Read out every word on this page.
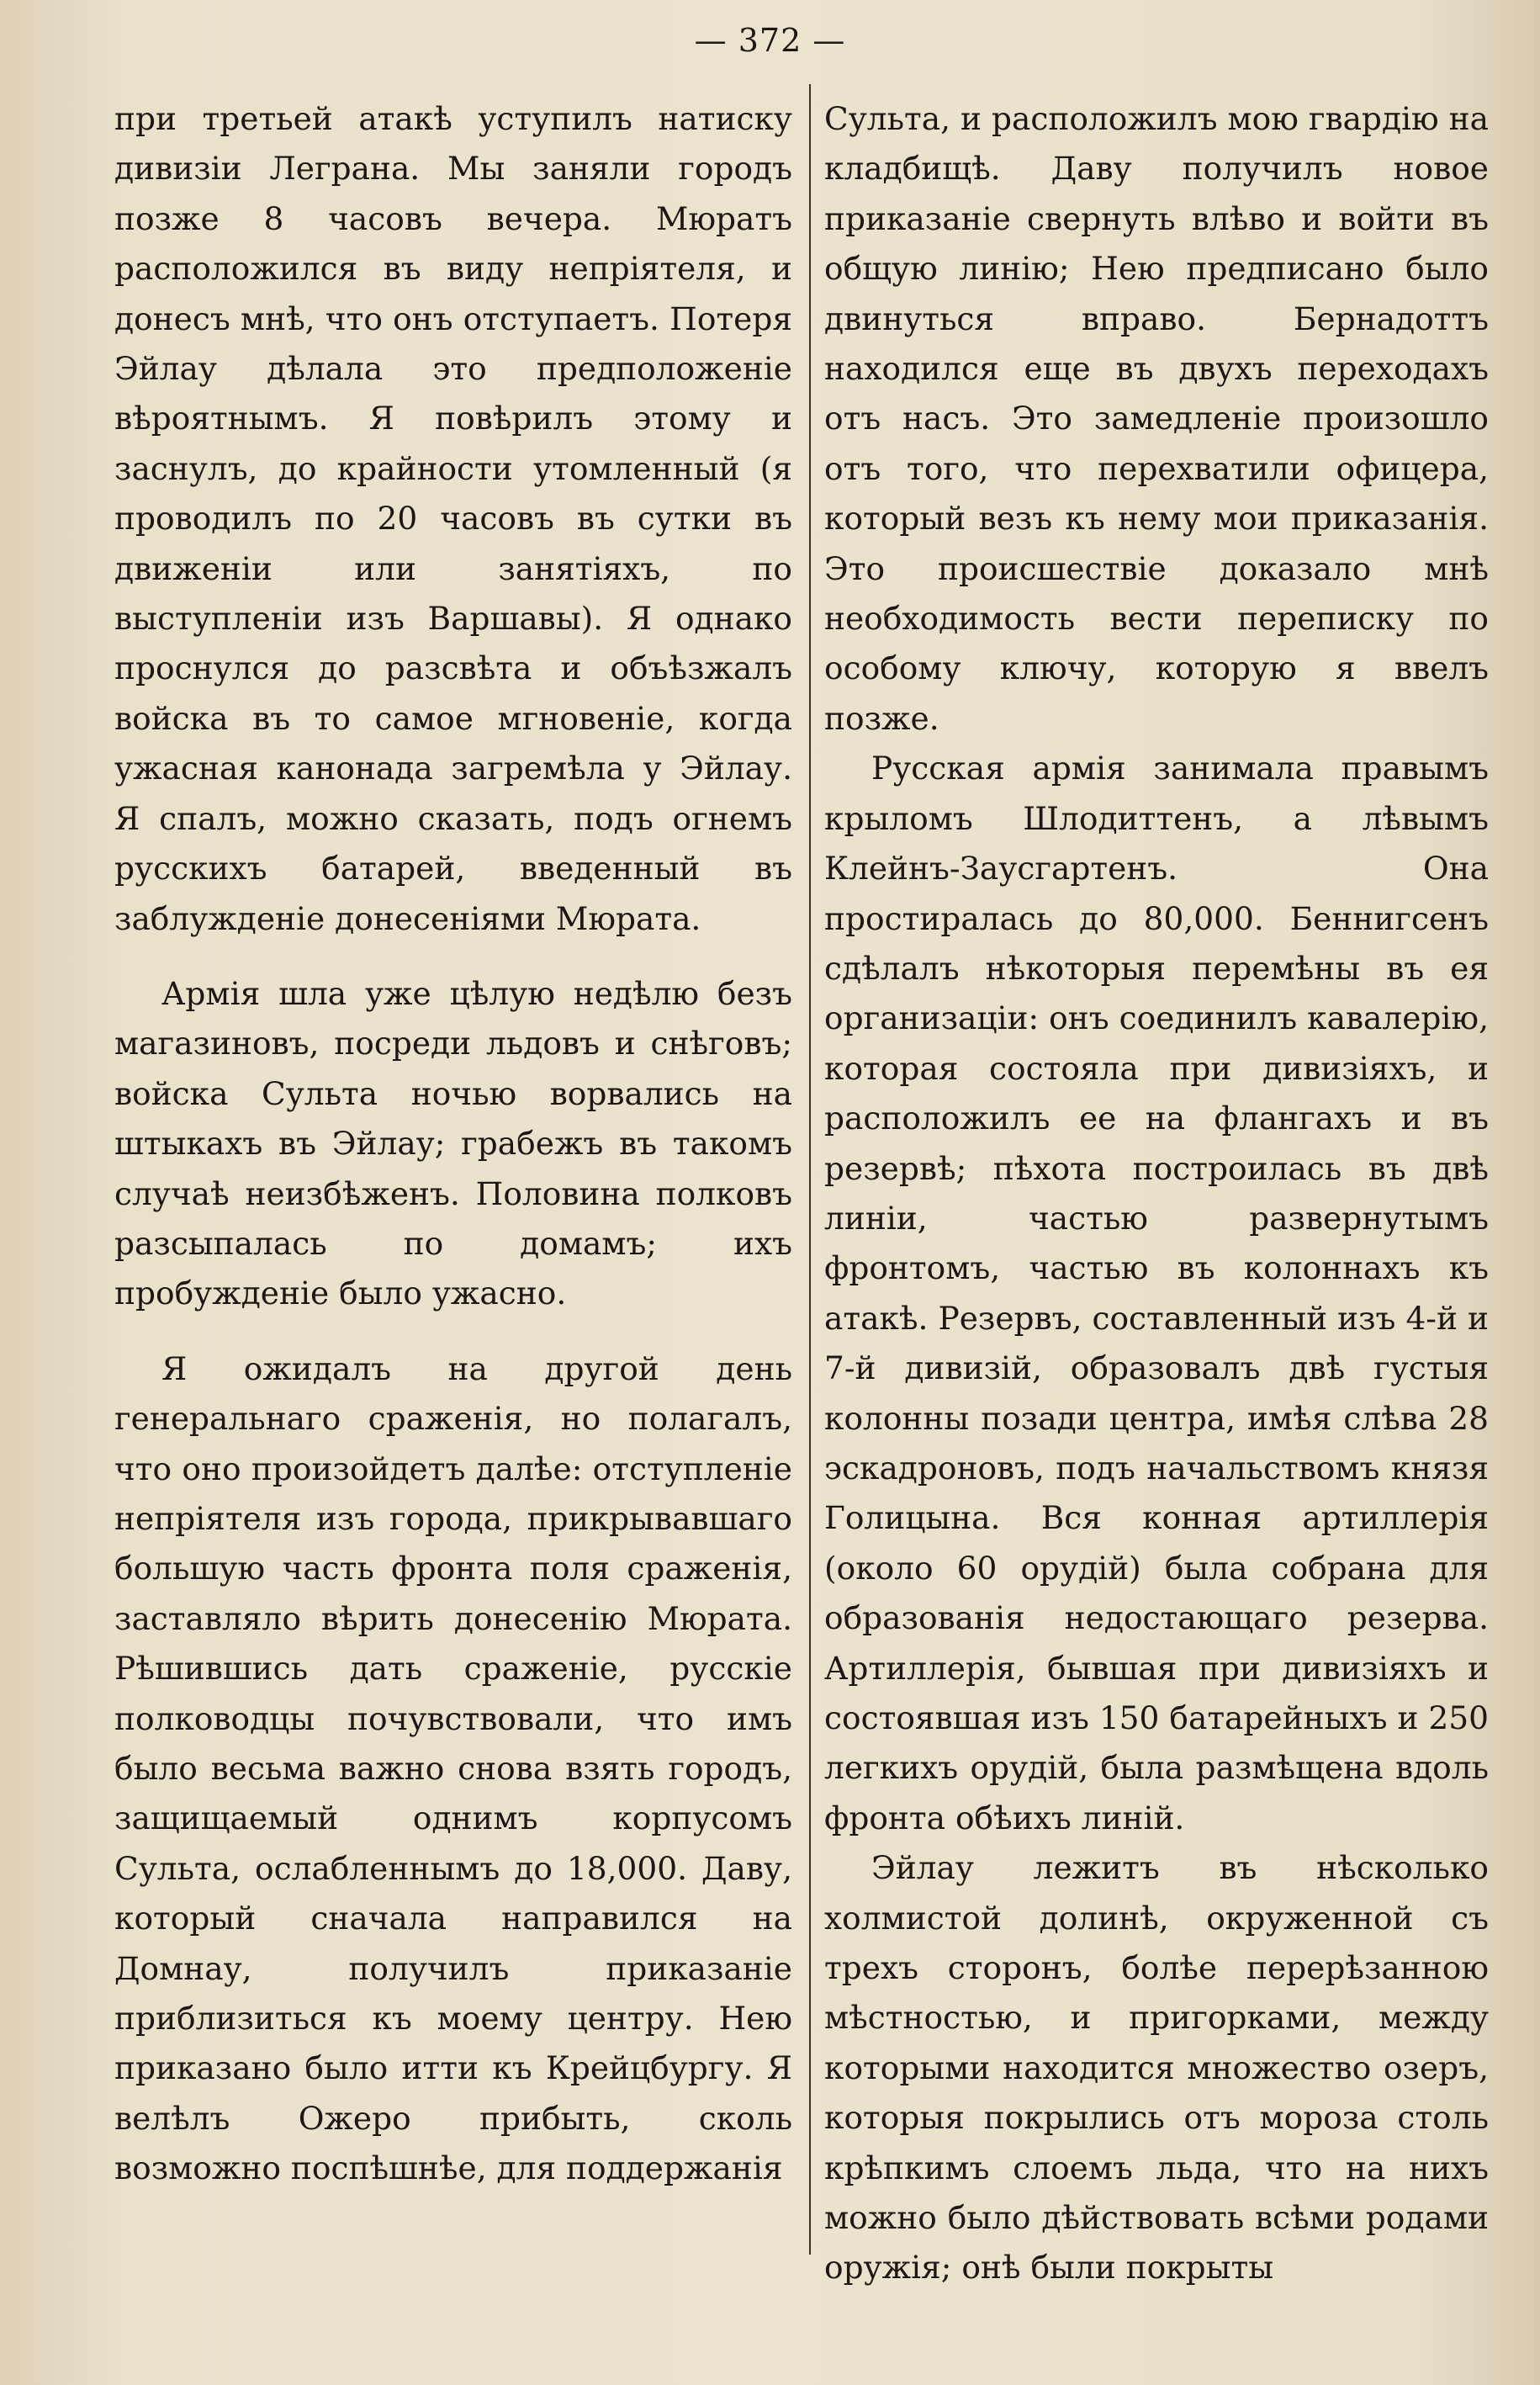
— 372 —

при третьей атакѣ уступилъ натиску дивизіи Леграна. Мы заняли городъ позже 8 часовъ вечера. Мюратъ расположился въ виду непріятеля, и донесъ мнѣ, что онъ отступаетъ. Потеря Эйлау дѣлала это предположеніе вѣроятнымъ. Я повѣрилъ этому и заснулъ, до крайности утомленный (я проводилъ по 20 часовъ въ сутки въ движеніи или занятіяхъ, по выступленіи изъ Варшавы). Я однако проснулся до разсвѣта и объѣзжалъ войска въ то самое мгновеніе, когда ужасная канонада загремѣла у Эйлау. Я спалъ, можно сказать, подъ огнемъ русскихъ батарей, введенный въ заблужденіе донесеніями Мюрата.

Армія шла уже цѣлую недѣлю безъ магазиновъ, посреди льдовъ и снѣговъ; войска Сульта ночью ворвались на штыкахъ въ Эйлау; грабежъ въ такомъ случаѣ неизбѣженъ. Половина полковъ разсыпалась по домамъ; ихъ пробужденіе было ужасно.

Я ожидалъ на другой день генеральнаго сраженія, но полагалъ, что оно произойдетъ далѣе: отступленіе непріятеля изъ города, прикрывавшаго большую часть фронта поля сраженія, заставляло вѣрить донесенію Мюрата. Рѣшившись дать сраженіе, русскіе полководцы почувствовали, что имъ было весьма важно снова взять городъ, защищаемый однимъ корпусомъ Сульта, ослабленнымъ до 18,000. Даву, который сначала направился на Домнау, получилъ приказаніе приблизиться къ моему центру. Нею приказано было итти къ Крейцбургу. Я велѣлъ Ожеро прибыть, сколь возможно поспѣшнѣе, для поддержанія

Сульта, и расположилъ мою гвардію на кладбищѣ. Даву получилъ новое приказаніе свернуть влѣво и войти въ общую линію; Нею предписано было двинуться вправо. Бернадоттъ находился еще въ двухъ переходахъ отъ насъ. Это замедленіе произошло отъ того, что перехватили офицера, который везъ къ нему мои приказанія. Это происшествіе доказало мнѣ необходимость вести переписку по особому ключу, которую я ввелъ позже.

Русская армія занимала правымъ крыломъ Шлодиттенъ, а лѣвымъ Клейнъ-Заусгартенъ. Она простиралась до 80,000. Беннигсенъ сдѣлалъ нѣкоторыя перемѣны въ ея организаціи: онъ соединилъ кавалерію, которая состояла при дивизіяхъ, и расположилъ ее на флангахъ и въ резервѣ; пѣхота построилась въ двѣ линіи, частью развернутымъ фронтомъ, частью въ колоннахъ къ атакѣ. Резервъ, составленный изъ 4-й и 7-й дивизій, образовалъ двѣ густыя колонны позади центра, имѣя слѣва 28 эскадроновъ, подъ начальствомъ князя Голицына. Вся конная артиллерія (около 60 орудій) была собрана для образованія недостающаго резерва. Артиллерія, бывшая при дивизіяхъ и состоявшая изъ 150 батарейныхъ и 250 легкихъ орудій, была размѣщена вдоль фронта обѣихъ линій.

Эйлау лежитъ въ нѣсколько холмистой долинѣ, окруженной съ трехъ сторонъ, болѣе перерѣзанною мѣстностью, и пригорками, между которыми находится множество озеръ, которыя покрылись отъ мороза столь крѣпкимъ слоемъ льда, что на нихъ можно было дѣйствовать всѣми родами оружія; онѣ были покрыты
